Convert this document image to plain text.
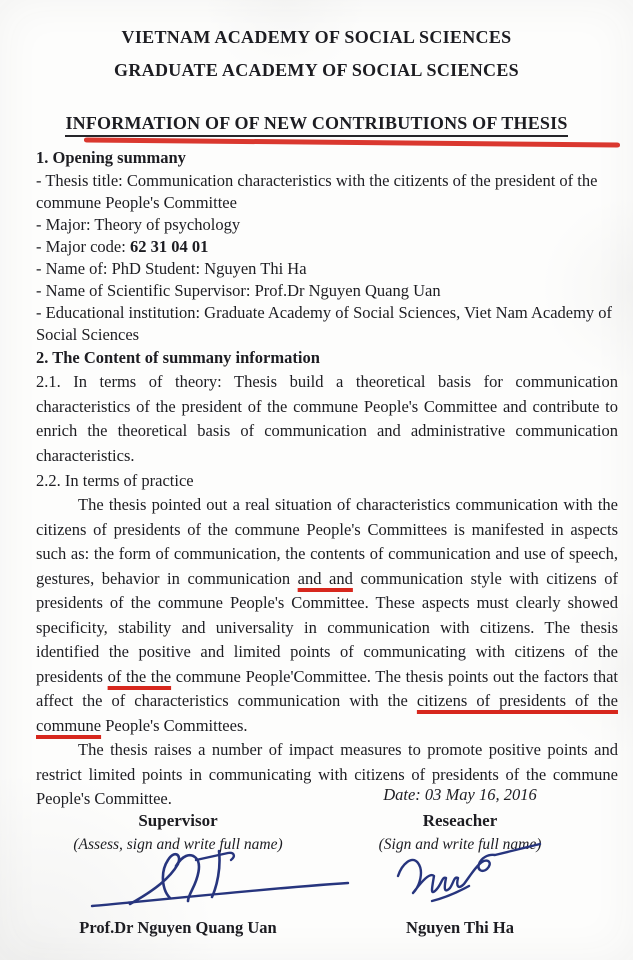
VIETNAM ACADEMY OF SOCIAL SCIENCES
GRADUATE ACADEMY OF SOCIAL SCIENCES
INFORMATION OF OF NEW CONTRIBUTIONS OF THESIS

1. Opening summany

- Thesis title: Communication characteristics with the citizents of the president of the commune People's Committee

- Major: Theory of psychology

- Major code: 62 31 04 01

- Name of: PhD Student: Nguyen Thi Ha

- Name of Scientific Supervisor: Prof.Dr Nguyen Quang Uan

- Educational institution: Graduate Academy of Social Sciences, Viet Nam Academy of Social Sciences

2. The Content of summany information

2.1. In terms of theory: Thesis build a theoretical basis for communication characteristics of the president of the commune People's Committee and contribute to enrich the theoretical basis of communication and administrative communication characteristics.

2.2. In terms of practice

The thesis pointed out a real situation of characteristics communication with the citizens of presidents of the commune People's Committees is manifested in aspects such as: the form of communication, the contents of communication and use of speech, gestures, behavior in communication and and communication style with citizens of presidents of the commune People's Committee. These aspects must clearly showed specificity, stability and universality in communication with citizens. The thesis identified the positive and limited points of communicating with citizens of the presidents of the the commune People'Committee. The thesis points out the factors that affect the of characteristics communication with the citizens of presidents of the commune People's Committees.

The thesis raises a number of impact measures to promote positive points and restrict limited points in communicating with citizens of presidents of the commune People's Committee.	Date: 03 May 16, 2016
Supervisor
(Assess, sign and write full name)
Prof.Dr Nguyen Quang Uan
Reseacher
(Sign and write full name)
Nguyen Thi Ha
